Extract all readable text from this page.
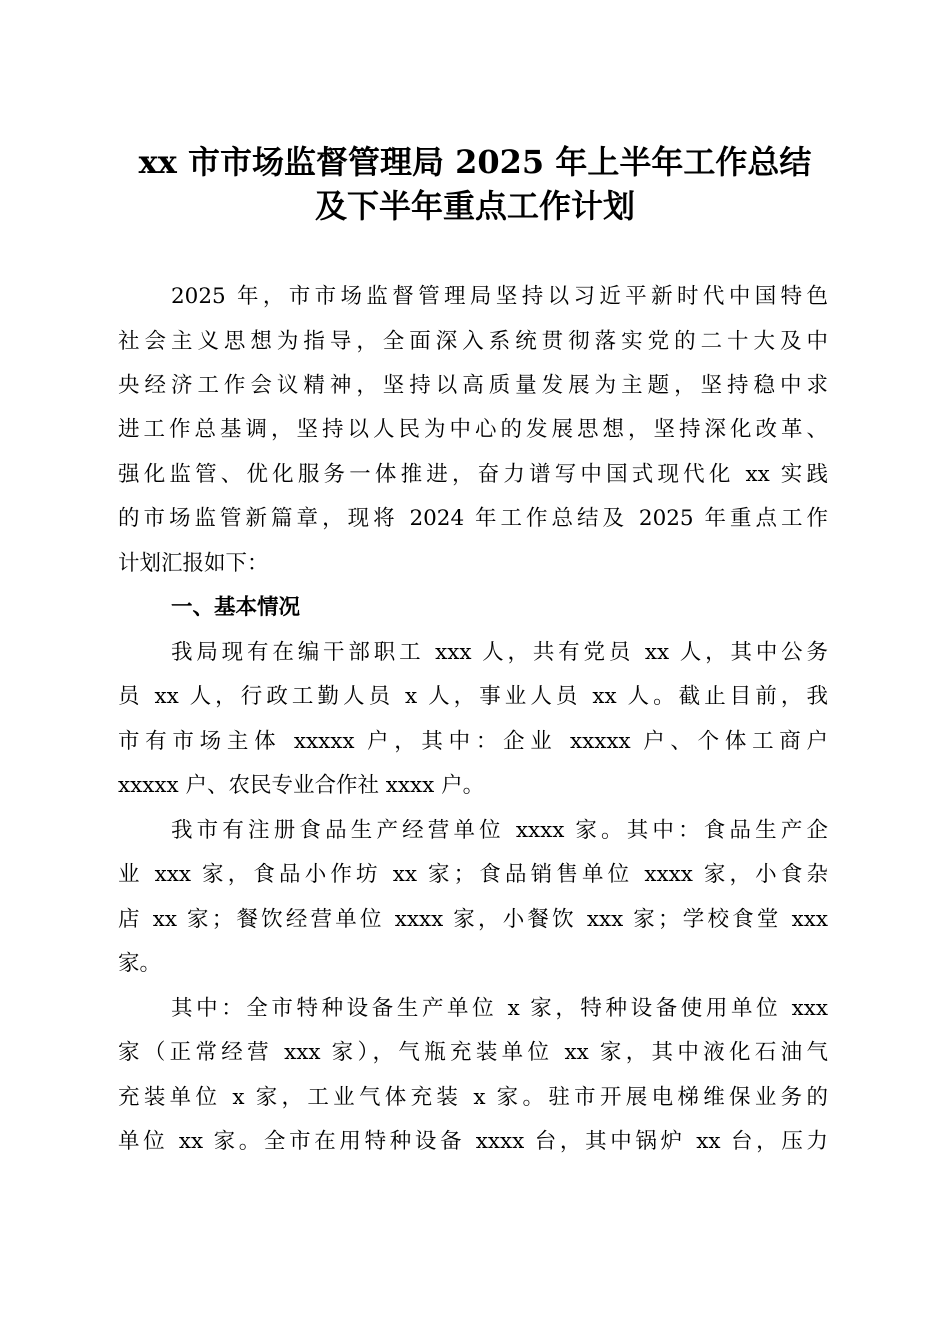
xx 市市场监督管理局 2025 年上半年工作总结
及下半年重点工作计划
2025 年，市市场监督管理局坚持以习近平新时代中国特色
社会主义思想为指导，全面深入系统贯彻落实党的二十大及中
央经济工作会议精神，坚持以高质量发展为主题，坚持稳中求
进工作总基调，坚持以人民为中心的发展思想，坚持深化改革、
强化监管、优化服务一体推进，奋力谱写中国式现代化 xx 实践
的市场监管新篇章，现将 2024 年工作总结及 2025 年重点工作
计划汇报如下：
一、基本情况
我局现有在编干部职工 xxx 人，共有党员 xx 人，其中公务
员 xx 人，行政工勤人员 x 人，事业人员 xx 人。截止目前，我
市有市场主体 xxxxx 户，其中：企业 xxxxx 户、个体工商户
xxxxx 户、农民专业合作社 xxxx 户。
我市有注册食品生产经营单位 xxxx 家。其中：食品生产企
业 xxx 家，食品小作坊 xx 家；食品销售单位 xxxx 家，小食杂
店 xx 家；餐饮经营单位 xxxx 家，小餐饮 xxx 家；学校食堂 xxx
家。
其中：全市特种设备生产单位 x 家，特种设备使用单位 xxx
家（正常经营 xxx 家），气瓶充装单位 xx 家，其中液化石油气
充装单位 x 家，工业气体充装 x 家。驻市开展电梯维保业务的
单位 xx 家。全市在用特种设备 xxxx 台，其中锅炉 xx 台，压力
